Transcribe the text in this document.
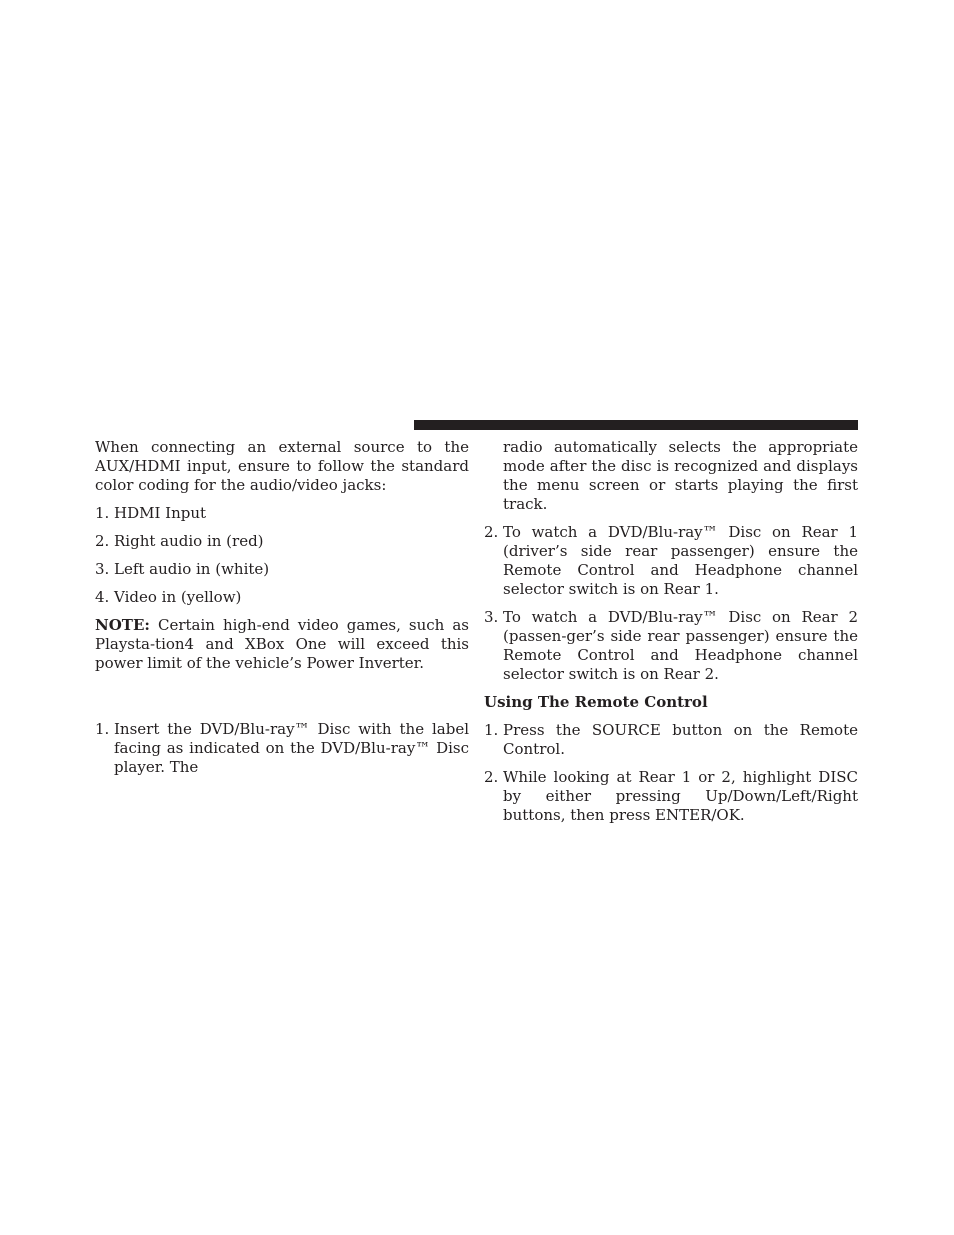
When connecting an external source to the AUX/HDMI input, ensure to follow the standard color coding for the audio/video jacks:

1. HDMI Input
2. Right audio in (red)
3. Left audio in (white)
4. Video in (yellow)

NOTE: Certain high-end video games, such as Playsta-tion4 and XBox One will exceed this power limit of the vehicle’s Power Inverter.

1. Insert the DVD/Blu-ray™ Disc with the label facing as indicated on the DVD/Blu-ray™ Disc player. The
radio automatically selects the appropriate mode after the disc is recognized and displays the menu screen or starts playing the first track.
2. To watch a DVD/Blu-ray™ Disc on Rear 1 (driver’s side rear passenger) ensure the Remote Control and Headphone channel selector switch is on Rear 1.
3. To watch a DVD/Blu-ray™ Disc on Rear 2 (passen-ger’s side rear passenger) ensure the Remote Control and Headphone channel selector switch is on Rear 2.
Using The Remote Control
1. Press the SOURCE button on the Remote Control.
2. While looking at Rear 1 or 2, highlight DISC by either pressing Up/Down/Left/Right buttons, then press ENTER/OK.
